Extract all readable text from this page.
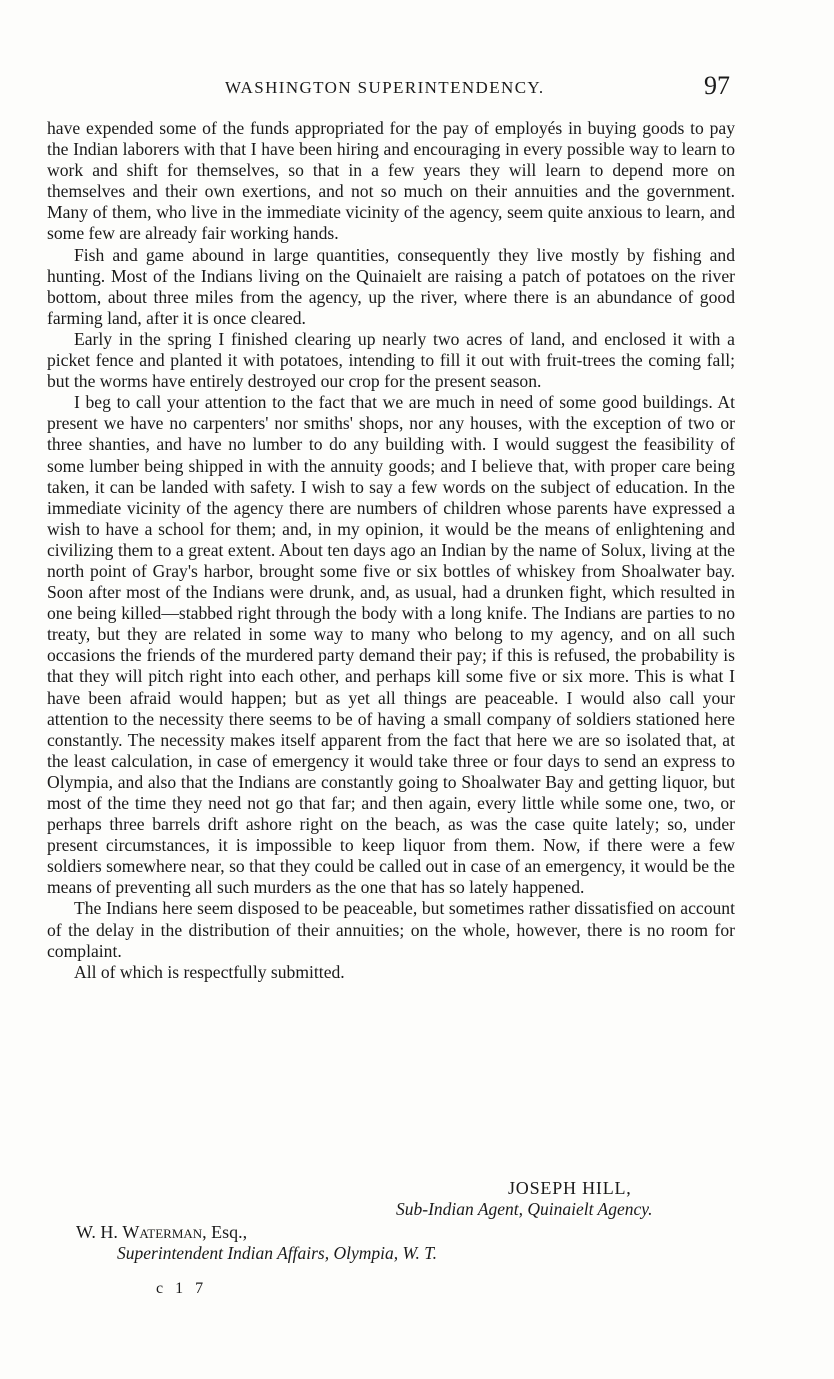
WASHINGTON SUPERINTENDENCY.	97

have expended some of the funds appropriated for the pay of employés in buying goods to pay the Indian laborers with that I have been hiring and encouraging in every possible way to learn to work and shift for themselves, so that in a few years they will learn to depend more on themselves and their own exertions, and not so much on their annuities and the government. Many of them, who live in the immediate vicinity of the agency, seem quite anxious to learn, and some few are already fair working hands.

Fish and game abound in large quantities, consequently they live mostly by fishing and hunting. Most of the Indians living on the Quinaielt are raising a patch of potatoes on the river bottom, about three miles from the agency, up the river, where there is an abundance of good farming land, after it is once cleared.

Early in the spring I finished clearing up nearly two acres of land, and enclosed it with a picket fence and planted it with potatoes, intending to fill it out with fruit-trees the coming fall; but the worms have entirely destroyed our crop for the present season.

I beg to call your attention to the fact that we are much in need of some good buildings. At present we have no carpenters' nor smiths' shops, nor any houses, with the exception of two or three shanties, and have no lumber to do any building with. I would suggest the feasibility of some lumber being shipped in with the annuity goods; and I believe that, with proper care being taken, it can be landed with safety. I wish to say a few words on the subject of education. In the immediate vicinity of the agency there are numbers of children whose parents have expressed a wish to have a school for them; and, in my opinion, it would be the means of enlightening and civilizing them to a great extent. About ten days ago an Indian by the name of Solux, living at the north point of Gray's harbor, brought some five or six bottles of whiskey from Shoalwater bay. Soon after most of the Indians were drunk, and, as usual, had a drunken fight, which resulted in one being killed—stabbed right through the body with a long knife. The Indians are parties to no treaty, but they are related in some way to many who belong to my agency, and on all such occasions the friends of the murdered party demand their pay; if this is refused, the probability is that they will pitch right into each other, and perhaps kill some five or six more. This is what I have been afraid would happen; but as yet all things are peaceable. I would also call your attention to the necessity there seems to be of having a small company of soldiers stationed here constantly. The necessity makes itself apparent from the fact that here we are so isolated that, at the least calculation, in case of emergency it would take three or four days to send an express to Olympia, and also that the Indians are constantly going to Shoalwater Bay and getting liquor, but most of the time they need not go that far; and then again, every little while some one, two, or perhaps three barrels drift ashore right on the beach, as was the case quite lately; so, under present circumstances, it is impossible to keep liquor from them. Now, if there were a few soldiers somewhere near, so that they could be called out in case of an emergency, it would be the means of preventing all such murders as the one that has so lately happened.

The Indians here seem disposed to be peaceable, but sometimes rather dissatisfied on account of the delay in the distribution of their annuities; on the whole, however, there is no room for complaint.

All of which is respectfully submitted.

JOSEPH HILL,
Sub-Indian Agent, Quinaielt Agency.
W. H. Waterman, Esq.,
Superintendent Indian Affairs, Olympia, W. T.
c 1 7
